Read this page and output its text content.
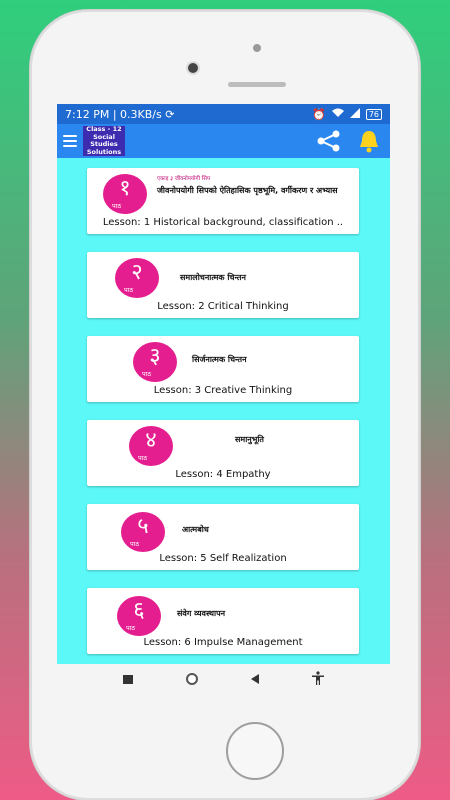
7:12 PM | 0.3KB/s ⟳	⏰	76
Class - 12
Social
Studies
Solutions
१
पाठ
एकाइ ३ जीवनोपयोगी सिप
जीवनोपयोगी सिपको ऐतिहासिक पृष्ठभूमि, वर्गीकरण र अभ्यास
Lesson: 1 Historical background, classification ..
२
पाठ
समालोचनात्मक चिन्तन
Lesson: 2 Critical Thinking
३
पाठ
सिर्जनात्मक चिन्तन
Lesson: 3 Creative Thinking
४
पाठ
समानुभूति
Lesson: 4 Empathy
५
पाठ
आत्मबोध
Lesson: 5 Self Realization
६
पाठ
संवेग व्यवस्थापन
Lesson: 6 Impulse Management
